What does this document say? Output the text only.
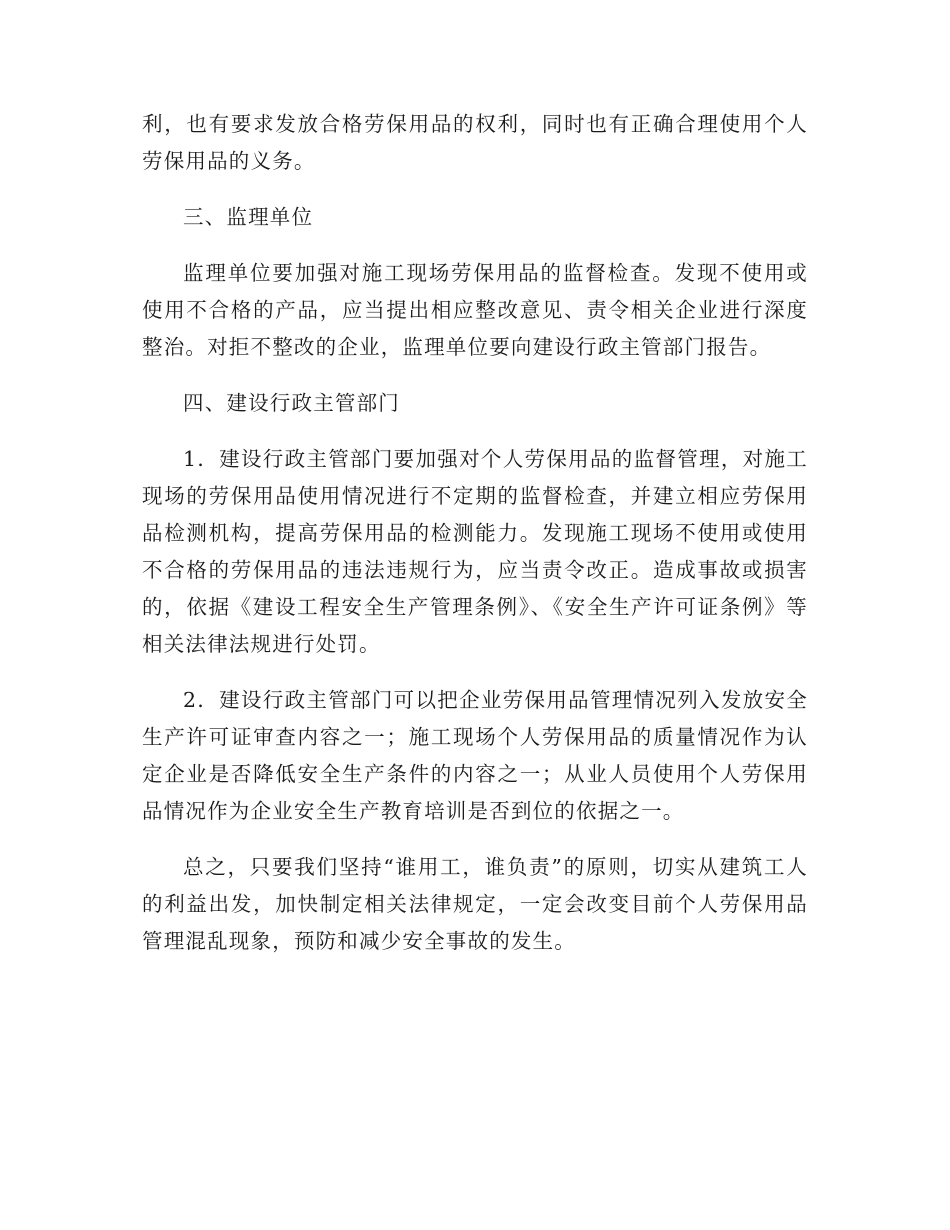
利，也有要求发放合格劳保用品的权利，同时也有正确合理使用个人劳保用品的义务。

三、监理单位

监理单位要加强对施工现场劳保用品的监督检查。发现不使用或使用不合格的产品，应当提出相应整改意见、责令相关企业进行深度整治。对拒不整改的企业，监理单位要向建设行政主管部门报告。

四、建设行政主管部门

1．建设行政主管部门要加强对个人劳保用品的监督管理，对施工现场的劳保用品使用情况进行不定期的监督检查，并建立相应劳保用品检测机构，提高劳保用品的检测能力。发现施工现场不使用或使用不合格的劳保用品的违法违规行为，应当责令改正。造成事故或损害的，依据《建设工程安全生产管理条例》、《安全生产许可证条例》等相关法律法规进行处罚。

2．建设行政主管部门可以把企业劳保用品管理情况列入发放安全生产许可证审查内容之一；施工现场个人劳保用品的质量情况作为认定企业是否降低安全生产条件的内容之一；从业人员使用个人劳保用品情况作为企业安全生产教育培训是否到位的依据之一。

总之，只要我们坚持“谁用工，谁负责”的原则，切实从建筑工人的利益出发，加快制定相关法律规定，一定会改变目前个人劳保用品管理混乱现象，预防和减少安全事故的发生。
